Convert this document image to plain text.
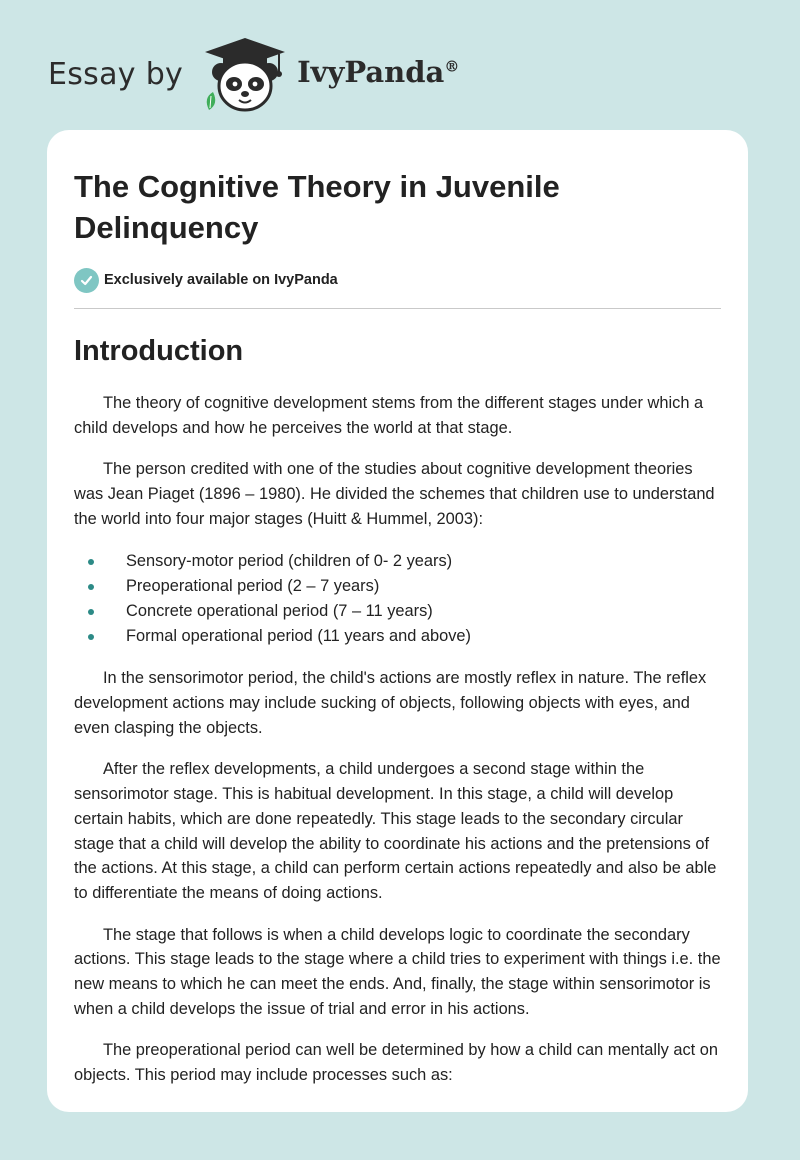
Essay by	IvyPanda®
The Cognitive Theory in Juvenile Delinquency
Exclusively available on IvyPanda
Introduction

The theory of cognitive development stems from the different stages under which a child develops and how he perceives the world at that stage.

The person credited with one of the studies about cognitive development theories was Jean Piaget (1896 – 1980). He divided the schemes that children use to understand the world into four major stages (Huitt & Hummel, 2003):

Sensory-motor period (children of 0- 2 years)
Preoperational period (2 – 7 years)
Concrete operational period (7 – 11 years)
Formal operational period (11 years and above)

In the sensorimotor period, the child's actions are mostly reflex in nature. The reflex development actions may include sucking of objects, following objects with eyes, and even clasping the objects.

After the reflex developments, a child undergoes a second stage within the sensorimotor stage. This is habitual development. In this stage, a child will develop certain habits, which are done repeatedly. This stage leads to the secondary circular stage that a child will develop the ability to coordinate his actions and the pretensions of the actions. At this stage, a child can perform certain actions repeatedly and also be able to differentiate the means of doing actions.

The stage that follows is when a child develops logic to coordinate the secondary actions. This stage leads to the stage where a child tries to experiment with things i.e. the new means to which he can meet the ends. And, finally, the stage within sensorimotor is when a child develops the issue of trial and error in his actions.

The preoperational period can well be determined by how a child can mentally act on objects. This period may include processes such as:
